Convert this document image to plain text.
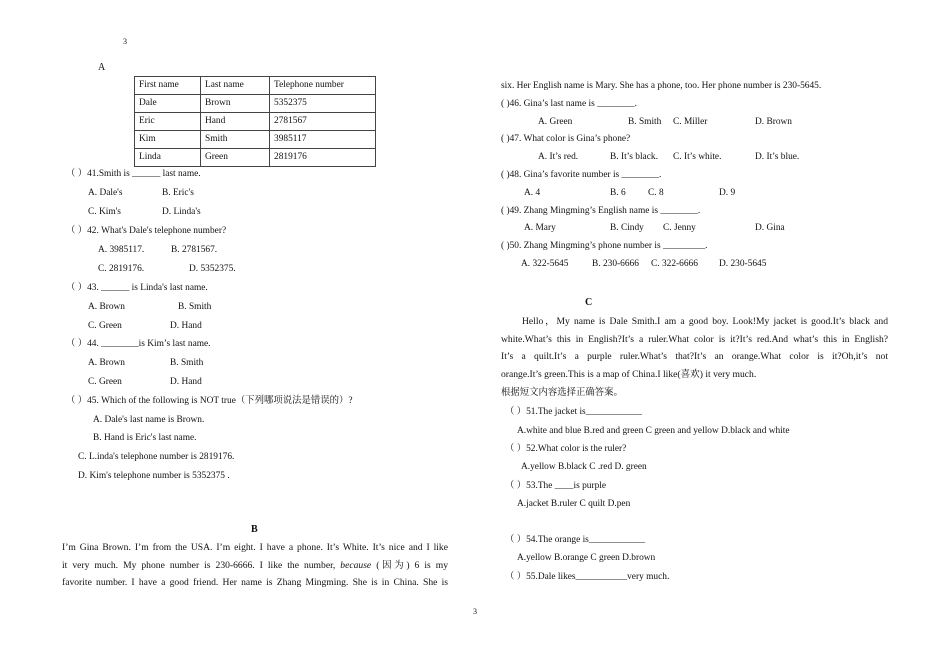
3
A
First name	Last name	Telephone number
Dale	Brown	5352375
Eric	Hand	2781567
Kim	Smith	3985117
Linda	Green	2819176
（ ）41.Smith is ______ last name.
A. Dale's	B. Eric's
C. Kim's	D. Linda's
（ ）42. What's Dale's telephone number?
A. 3985117.	B. 2781567.
C. 2819176.	D. 5352375.
（ ）43. ______ is Linda's last name.
A. Brown	B. Smith
C. Green	D. Hand
（ ）44. ________is Kim’s last name.
A. Brown	B. Smith
C. Green	D. Hand
（ ）45. Which of the following is NOT true（下列哪项说法是错误的）?
A. Dale's last name is Brown.
B. Hand is Eric's last name.
C. L.inda's telephone number is 2819176.
D. Kim's telephone number is 5352375 .
B
I’m Gina Brown. I’m from the USA. I’m eight. I have a phone. It’s White. It’s nice and I like
it very much. My phone number is 230-6666. I like the number, because (因为) 6 is my
favorite number. I have a good friend. Her name is Zhang Mingming. She is in China. She is
six. Her English name is Mary. She has a phone, too. Her phone number is 230-5645.
( )46. Gina’s last name is ________.
A. Green	B. Smith C. Miller	D. Brown
( )47. What color is Gina’s phone?
A. It’s red.	B. It’s black. C. It’s white.	D. It’s blue.
( )48. Gina’s favorite number is ________.
A. 4	B. 6 C. 8	D. 9
( )49. Zhang Mingming’s English name is ________.
A. Mary	B. Cindy C. Jenny	D. Gina
( )50. Zhang Mingming’s phone number is _________.
A. 322-5645	B. 230-6666 C. 322-6666 D. 230-5645
C
Hello，My name is Dale Smith.I am a good boy. Look!My jacket is good.It’s black and
white.What’s this in English?It’s a ruler.What color is it?It’s red.And what’s this in English?
It’s a quilt.It’s a purple ruler.What’s that?It’s an orange.What color is it?Oh,it’s not
orange.It’s green.This is a map of China.I like(喜欢) it very much.
根据短文内容选择正确答案。
（ ）51.The jacket is____________
A.white and blue B.red and green C green and yellow D.black and white
（ ）52.What color is the ruler?
A.yellow B.black C .red D. green
（ ）53.The ____is purple
A.jacket B.ruler C quilt D.pen
（ ）54.The orange is____________
A.yellow B.orange C green D.brown
（ ）55.Dale likes___________very much.
3
